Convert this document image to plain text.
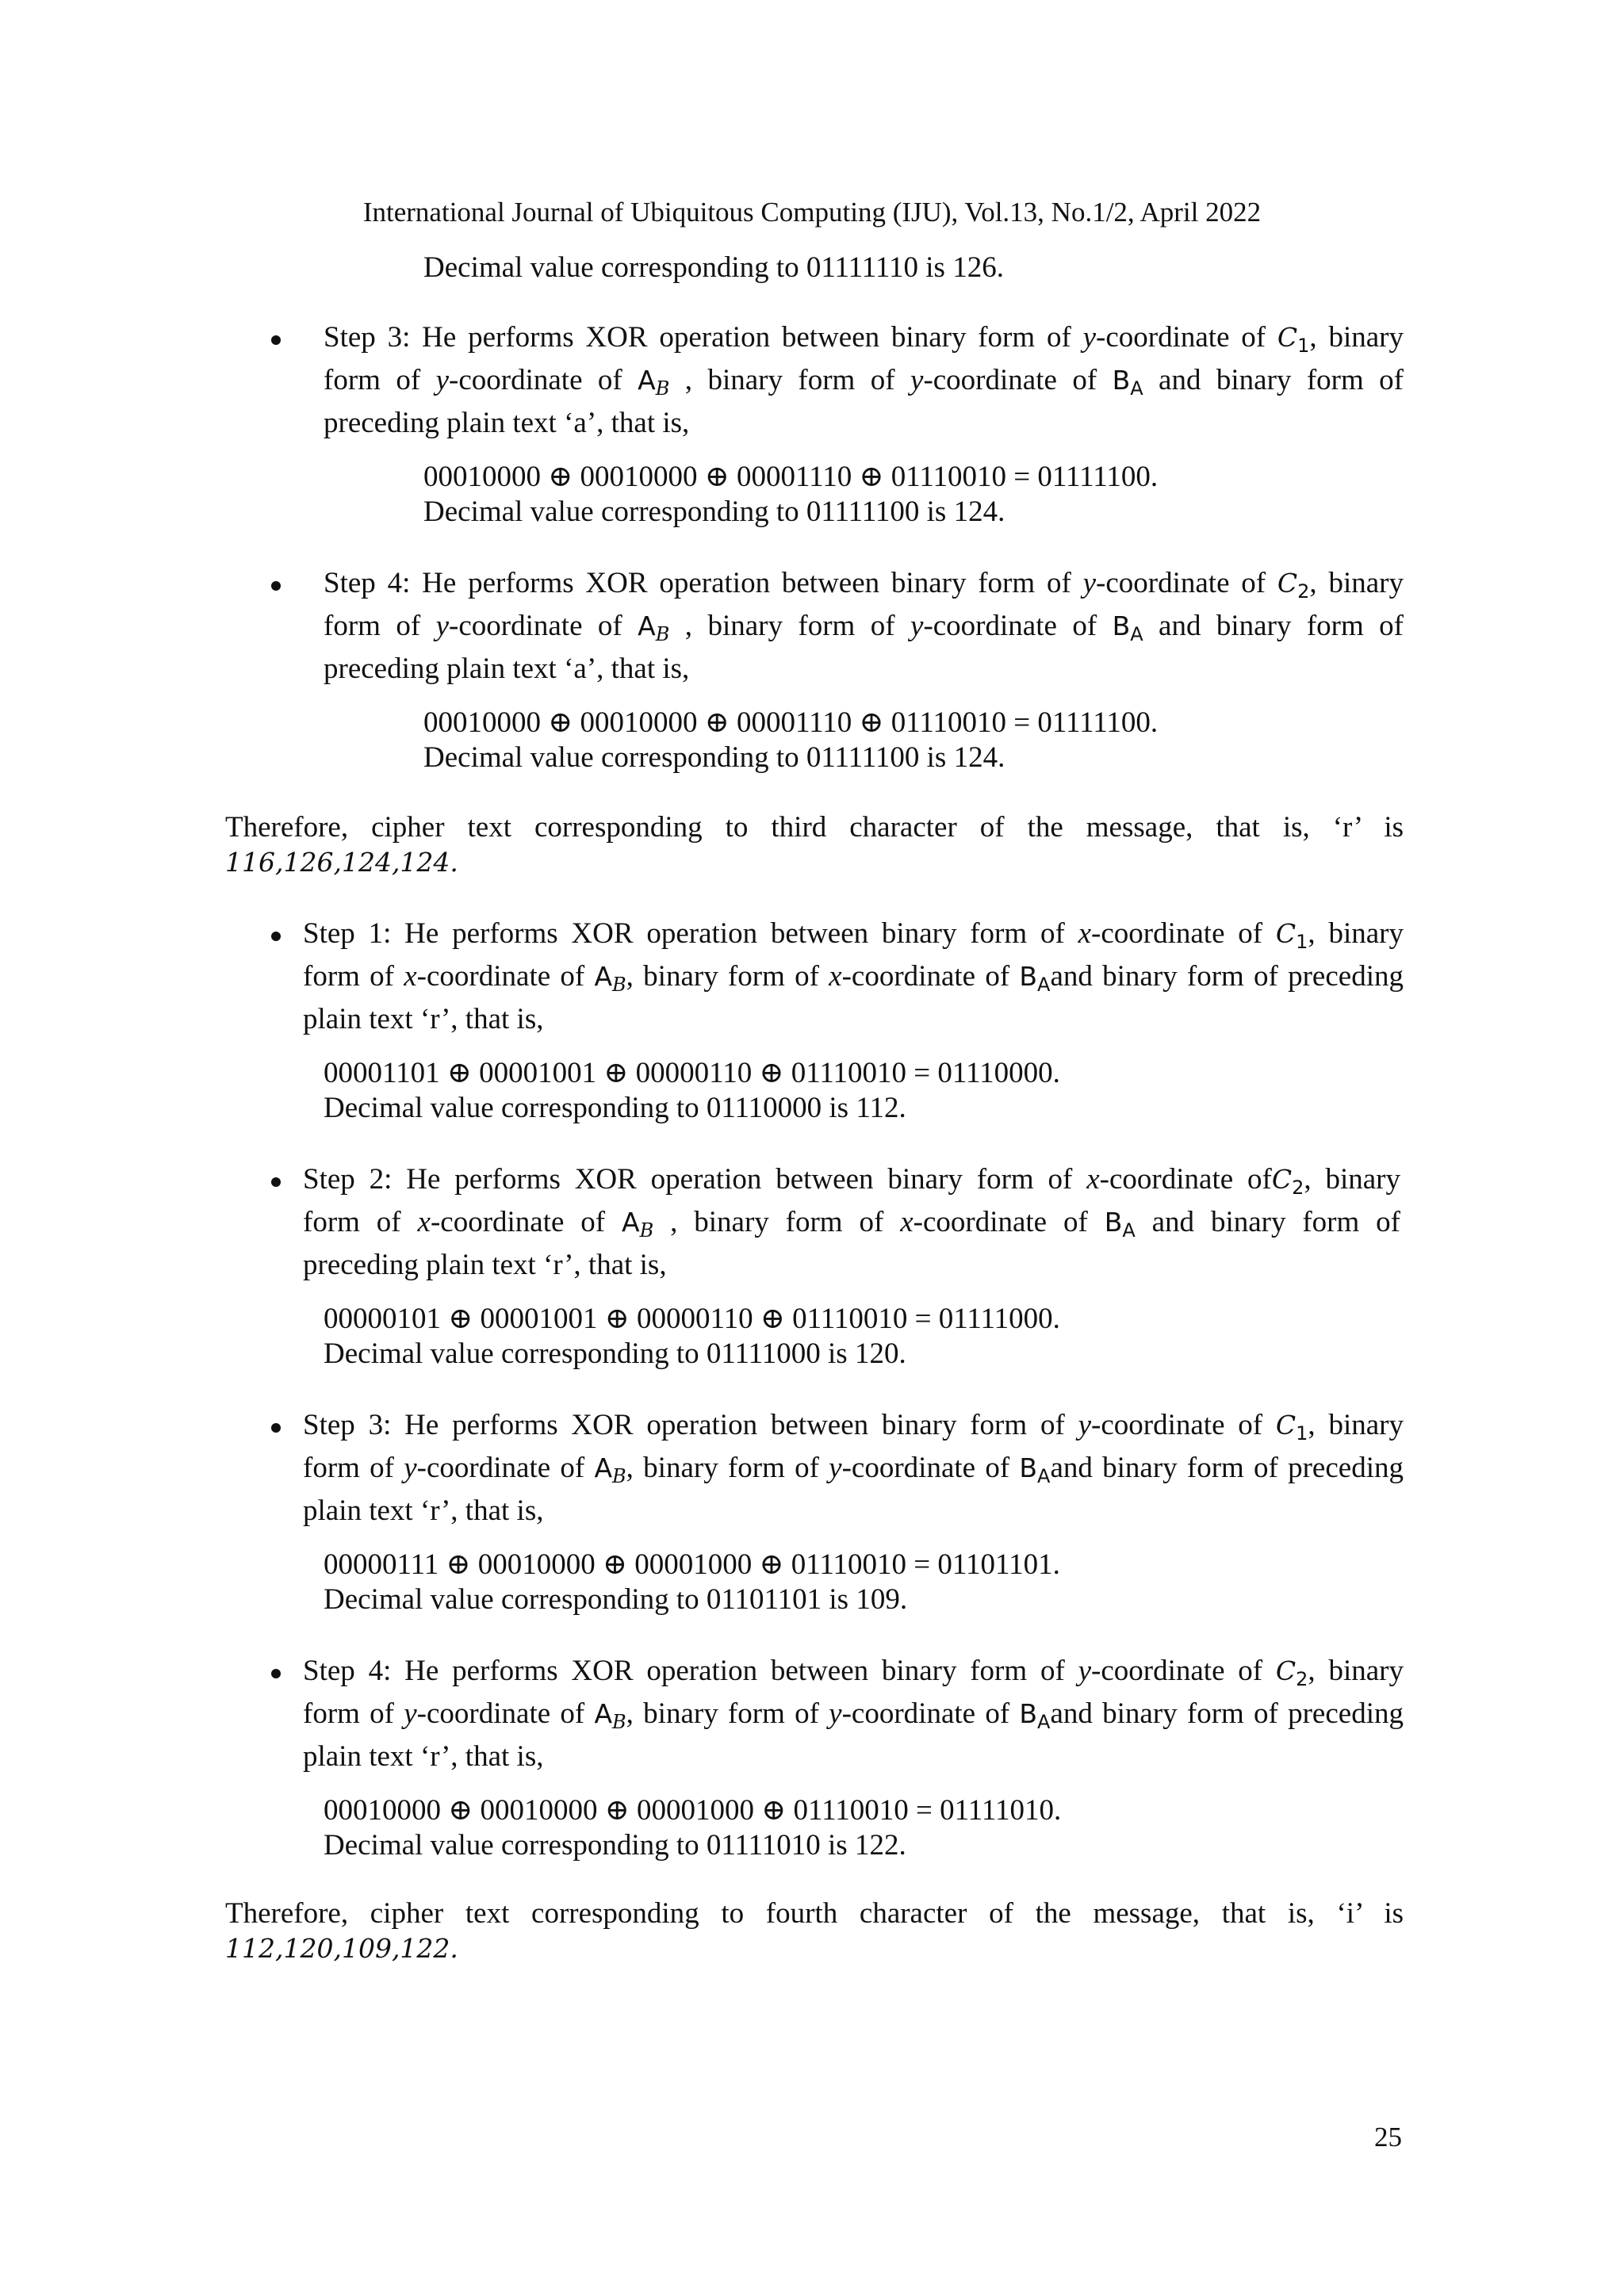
International Journal of Ubiquitous Computing (IJU), Vol.13, No.1/2, April 2022
Decimal value corresponding to 01111110 is 126.
Step 3: He performs XOR operation between binary form of y-coordinate of $C_1$, binary
form of y-coordinate of AB , binary form of y-coordinate of $B_A$ and binary form of
preceding plain text ‘a’, that is,
00010000 ⊕ 00010000 ⊕ 00001110 ⊕ 01110010 = 01111100.
Decimal value corresponding to 01111100 is 124.
Step 4: He performs XOR operation between binary form of y-coordinate of $C_2$, binary
form of y-coordinate of AB , binary form of y-coordinate of $B_A$ and binary form of
preceding plain text ‘a’, that is,
00010000 ⊕ 00010000 ⊕ 00001110 ⊕ 01110010 = 01111100.
Decimal value corresponding to 01111100 is 124.
Therefore, cipher text corresponding to third character of the message, that is, ‘r’ is
116,126,124,124.
Step 1: He performs XOR operation between binary form of x-coordinate of $C_1$, binary
form of x-coordinate of AB, binary form of x-coordinate of $B_Aand$ binary form of preceding
plain text ‘r’, that is,
00001101 ⊕ 00001001 ⊕ 00000110 ⊕ 01110010 = 01110000.
Decimal value corresponding to 01110000 is 112.
Step 2: He performs XOR operation between binary form of x-coordinate ofC$_2$, binary
form of x-coordinate of AB , binary form of x-coordinate of $B_A$ and binary form of
preceding plain text ‘r’, that is,
00000101 ⊕ 00001001 ⊕ 00000110 ⊕ 01110010 = 01111000.
Decimal value corresponding to 01111000 is 120.
Step 3: He performs XOR operation between binary form of y-coordinate of $C_1$, binary
form of y-coordinate of AB, binary form of y-coordinate of $B_Aand$ binary form of preceding
plain text ‘r’, that is,
00000111 ⊕ 00010000 ⊕ 00001000 ⊕ 01110010 = 01101101.
Decimal value corresponding to 01101101 is 109.
Step 4: He performs XOR operation between binary form of y-coordinate of $C_2$, binary
form of y-coordinate of AB, binary form of y-coordinate of $B_Aand$ binary form of preceding
plain text ‘r’, that is,
00010000 ⊕ 00010000 ⊕ 00001000 ⊕ 01110010 = 01111010.
Decimal value corresponding to 01111010 is 122.
Therefore, cipher text corresponding to fourth character of the message, that is, ‘i’ is
112,120,109,122.
25
